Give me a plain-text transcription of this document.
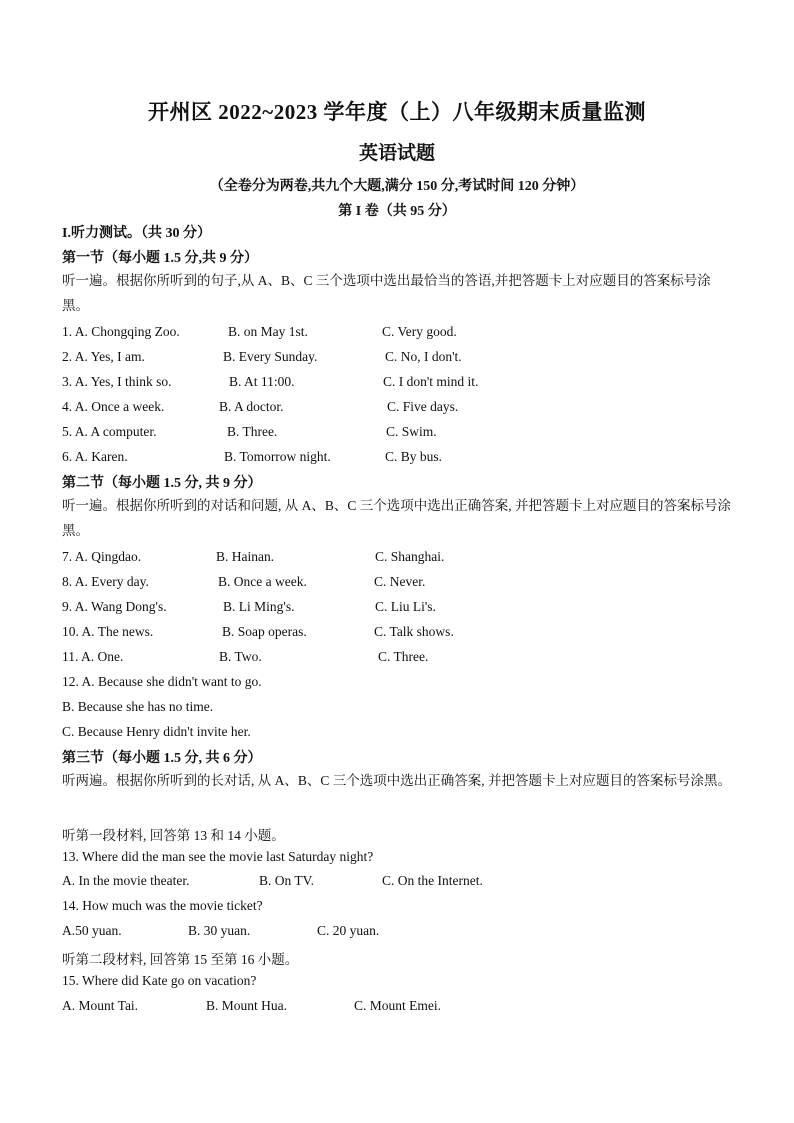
开州区 2022~2023 学年度（上）八年级期末质量监测
英语试题
（全卷分为两卷,共九个大题,满分 150 分,考试时间 120 分钟）
第 I 卷（共 95 分）
I.听力测试。（共 30 分）
第一节（每小题 1.5 分,共 9 分）
听一遍。根据你所听到的句子,从 A、B、C 三个选项中选出最恰当的答语,并把答题卡上对应题目的答案标号涂黑。
1. A. Chongqing Zoo.	B. on May 1st.	C. Very good.
2. A. Yes, I am.	B. Every Sunday.	C. No, I don't.
3. A. Yes, I think so.	B. At 11:00.	C. I don't mind it.
4. A. Once a week.	B. A doctor.	C. Five days.
5. A. A computer.	B. Three.	C. Swim.
6. A. Karen.	B. Tomorrow night.	C. By bus.
第二节（每小题 1.5 分, 共 9 分）
听一遍。根据你所听到的对话和问题, 从 A、B、C 三个选项中选出正确答案, 并把答题卡上对应题目的答案标号涂黑。
7. A. Qingdao.	B. Hainan.	C. Shanghai.
8. A. Every day.	B. Once a week.	C. Never.
9. A. Wang Dong's.	B. Li Ming's.	C. Liu Li's.
10. A. The news.	B. Soap operas.	C. Talk shows.
11. A. One.	B. Two.	C. Three.
12. A. Because she didn't want to go.
B. Because she has no time.
C. Because Henry didn't invite her.
第三节（每小题 1.5 分, 共 6 分）
听两遍。根据你所听到的长对话, 从 A、B、C 三个选项中选出正确答案, 并把答题卡上对应题目的答案标号涂黑。
听第一段材料, 回答第 13 和 14 小题。
13. Where did the man see the movie last Saturday night?
A. In the movie theater.	B. On TV.	C. On the Internet.
14. How much was the movie ticket?
A.50 yuan.	B. 30 yuan.	C. 20 yuan.
听第二段材料, 回答第 15 至第 16 小题。
15. Where did Kate go on vacation?
A. Mount Tai.	B. Mount Hua.	C. Mount Emei.
